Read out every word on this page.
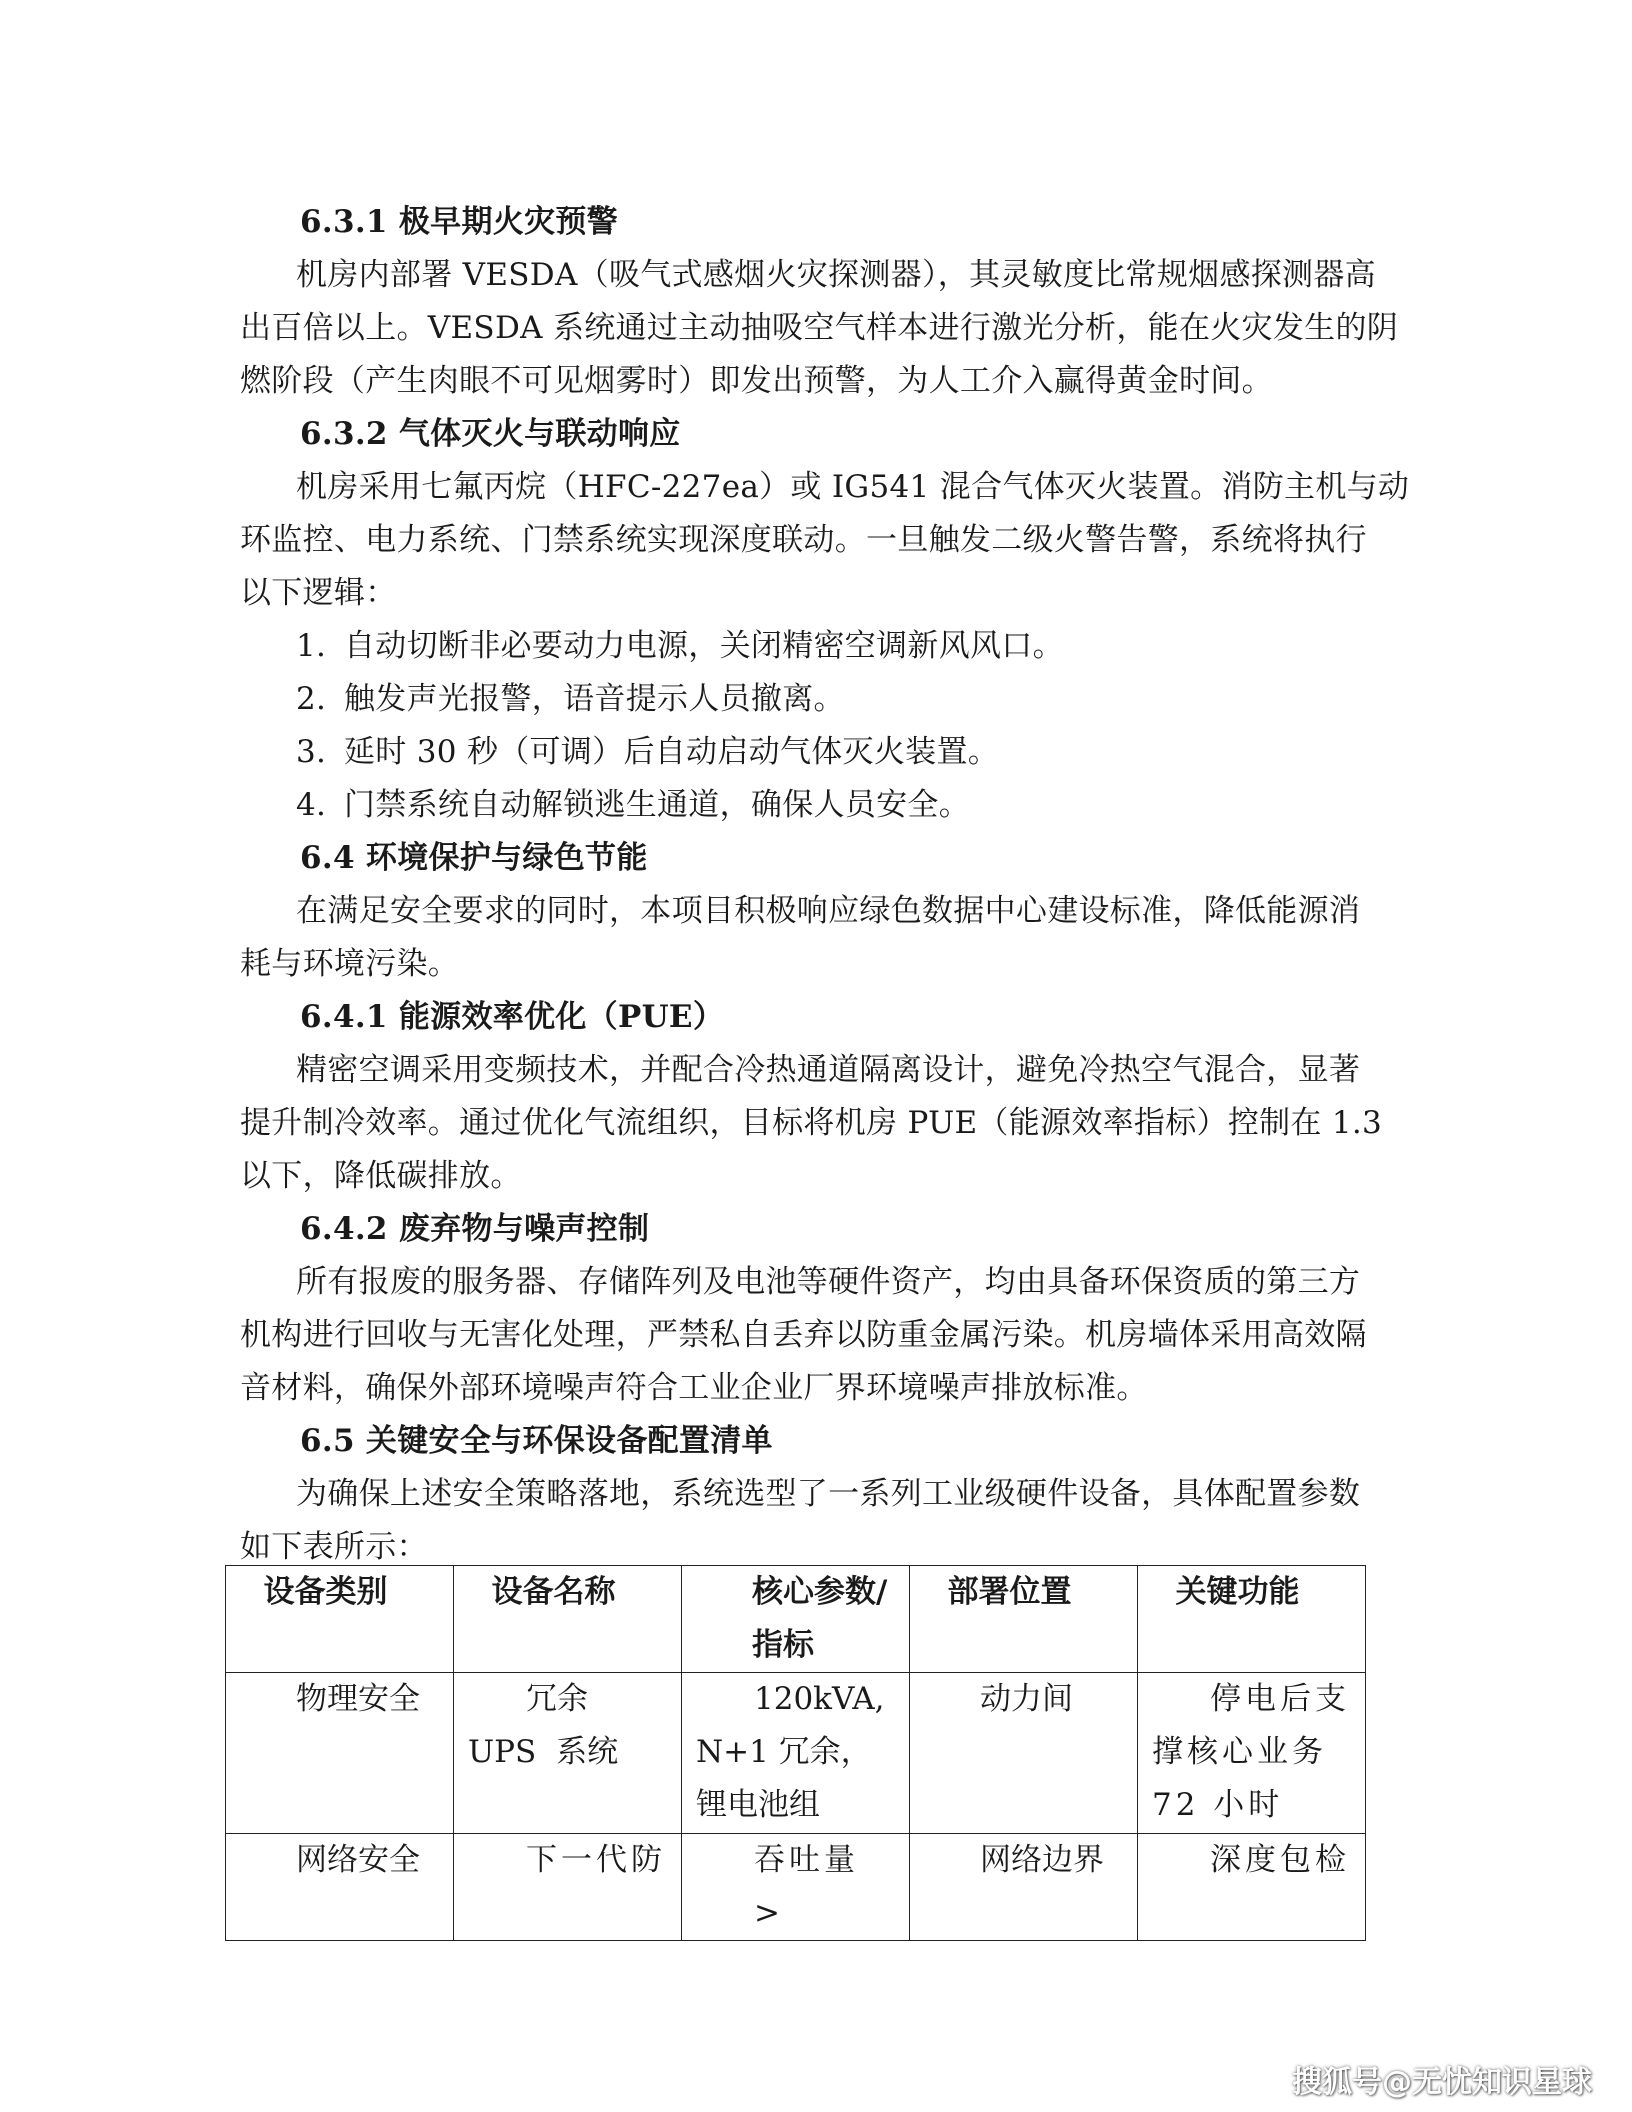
6.3.1 极早期火灾预警
机房内部署 VESDA（吸气式感烟火灾探测器），其灵敏度比常规烟感探测器高
出百倍以上。VESDA 系统通过主动抽吸空气样本进行激光分析，能在火灾发生的阴
燃阶段（产生肉眼不可见烟雾时）即发出预警，为人工介入赢得黄金时间。
6.3.2 气体灭火与联动响应
机房采用七氟丙烷（HFC-227ea）或 IG541 混合气体灭火装置。消防主机与动
环监控、电力系统、门禁系统实现深度联动。一旦触发二级火警告警，系统将执行
以下逻辑：
1. 自动切断非必要动力电源，关闭精密空调新风风口。
2. 触发声光报警，语音提示人员撤离。
3. 延时 30 秒（可调）后自动启动气体灭火装置。
4. 门禁系统自动解锁逃生通道，确保人员安全。
6.4 环境保护与绿色节能
在满足安全要求的同时，本项目积极响应绿色数据中心建设标准，降低能源消
耗与环境污染。
6.4.1 能源效率优化（PUE）
精密空调采用变频技术，并配合冷热通道隔离设计，避免冷热空气混合，显著
提升制冷效率。通过优化气流组织，目标将机房 PUE（能源效率指标）控制在 1.3
以下，降低碳排放。
6.4.2 废弃物与噪声控制
所有报废的服务器、存储阵列及电池等硬件资产，均由具备环保资质的第三方
机构进行回收与无害化处理，严禁私自丢弃以防重金属污染。机房墙体采用高效隔
音材料，确保外部环境噪声符合工业企业厂界环境噪声排放标准。
6.5 关键安全与环保设备配置清单
为确保上述安全策略落地，系统选型了一系列工业级硬件设备，具体配置参数
如下表所示：
设备类别	设备名称	核心参数/指标	部署位置	关键功能
物理安全	冗余 UPS 系统	120kVA, N+1 冗余，锂电池组	动力间	停电后支撑核心业务 72 小时
网络安全	下一代防	吞吐量 >	网络边界	深度包检
搜狐号@无忧知识星球
